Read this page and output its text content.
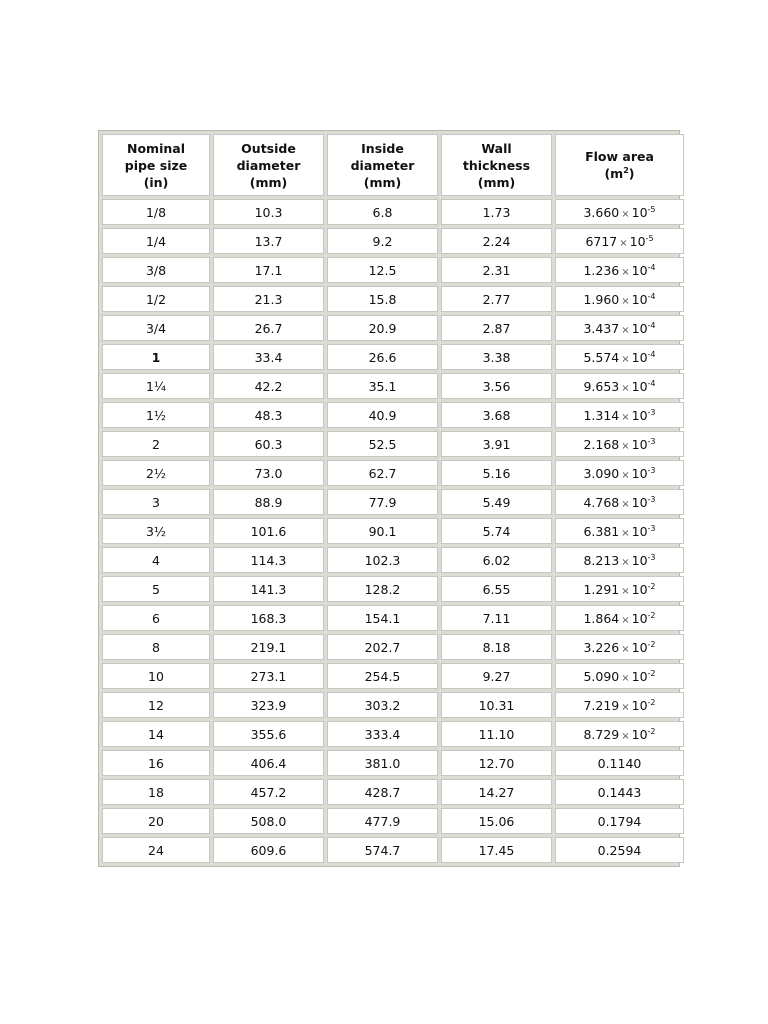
Nominal
pipe size
(in)	Outside
diameter
(mm)	Inside
diameter
(mm)	Wall
thickness
(mm)	Flow area
$(m^2)$

1/8	10.3	6.8	1.73	$3.660 \times 10^{-5}$
1/4	13.7	9.2	2.24	$6717 \times 10^{-5}$
3/8	17.1	12.5	2.31	$1.236 \times 10^{-4}$
1/2	21.3	15.8	2.77	$1.960 \times 10^{-4}$
3/4	26.7	20.9	2.87	$3.437 \times 10^{-4}$
1	33.4	26.6	3.38	$5.574 \times 10^{-4}$
1¼	42.2	35.1	3.56	$9.653 \times 10^{-4}$
1½	48.3	40.9	3.68	$1.314 \times 10^{-3}$
2	60.3	52.5	3.91	$2.168 \times 10^{-3}$
2½	73.0	62.7	5.16	$3.090 \times 10^{-3}$
3	88.9	77.9	5.49	$4.768 \times 10^{-3}$
3½	101.6	90.1	5.74	$6.381 \times 10^{-3}$
4	114.3	102.3	6.02	$8.213 \times 10^{-3}$
5	141.3	128.2	6.55	$1.291 \times 10^{-2}$
6	168.3	154.1	7.11	$1.864 \times 10^{-2}$
8	219.1	202.7	8.18	$3.226 \times 10^{-2}$
10	273.1	254.5	9.27	$5.090 \times 10^{-2}$
12	323.9	303.2	10.31	$7.219 \times 10^{-2}$
14	355.6	333.4	11.10	$8.729 \times 10^{-2}$
16	406.4	381.0	12.70	0.1140
18	457.2	428.7	14.27	0.1443
20	508.0	477.9	15.06	0.1794
24	609.6	574.7	17.45	0.2594
